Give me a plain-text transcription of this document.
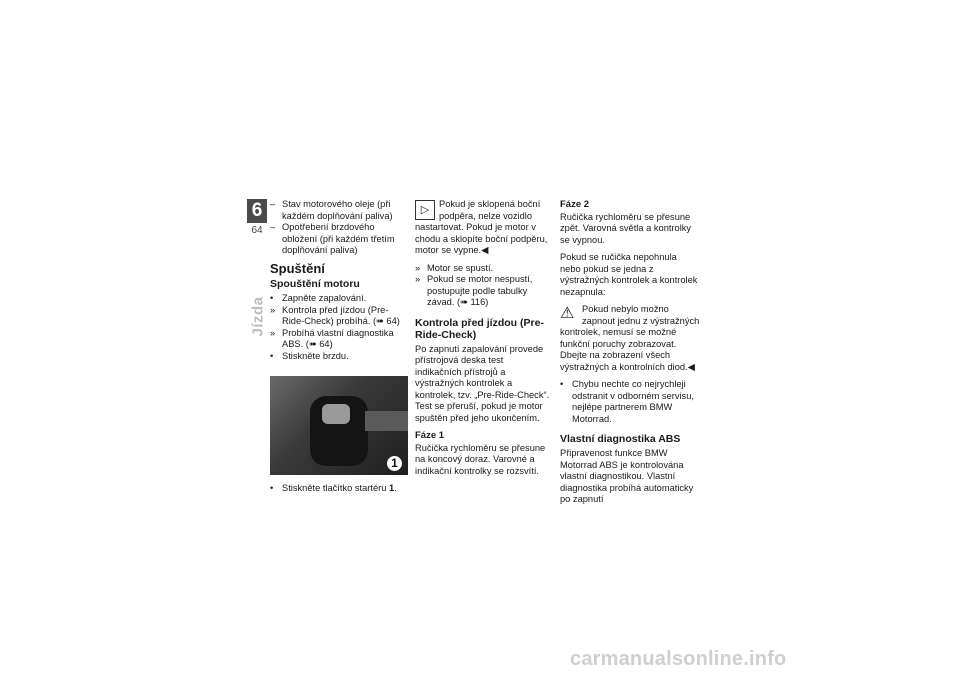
6
64
Jízda

– Stav motorového oleje (při každém doplňování paliva)

– Opotřebení brzdového obložení (při každém třetím doplňování paliva)

Spuštění
Spouštění motoru

• Zapněte zapalování.

» Kontrola před jízdou (Pre-Ride-Check) probíhá. (➠ 64)

» Probíhá vlastní diagnostika ABS. (➠ 64)

• Stiskněte brzdu.

1

• Stiskněte tlačítko startéru 1.

▷	Pokud je sklopená boční podpěra, nelze vozidlo nastartovat. Pokud je motor v chodu a sklopíte boční podpěru, motor se vypne.◀

» Motor se spustí.

» Pokud se motor nespustí, postupujte podle tabulky závad. (➠ 116)

Kontrola před jízdou (Pre-Ride-Check)

Po zapnutí zapalování provede přístrojová deska test indikačních přístrojů a výstražných kontrolek a kontrolek, tzv. „Pre-Ride-Check“. Test se přeruší, pokud je motor spuštěn před jeho ukončením.

Fáze 1

Ručička rychloměru se přesune na koncový doraz. Varovné a indikační kontrolky se rozsvítí.

Fáze 2

Ručička rychloměru se přesune zpět. Varovná světla a kontrolky se vypnou.

Pokud se ručička nepohnula nebo pokud se jedna z výstražných kontrolek a kontrolek nezapnula:

⚠ Pokud nebylo možno zapnout jednu z výstražných kontrolek, nemusí se možné funkční poruchy zobrazovat. Dbejte na zobrazení všech výstražných a kontrolních diod.◀

• Chybu nechte co nejrychleji odstranit v odborném servisu, nejlépe partnerem BMW Motorrad.

Vlastní diagnostika ABS

Připravenost funkce BMW Motorrad ABS je kontrolována vlastní diagnostikou. Vlastní diagnostika probíhá automaticky po zapnutí

carmanualsonline.info
